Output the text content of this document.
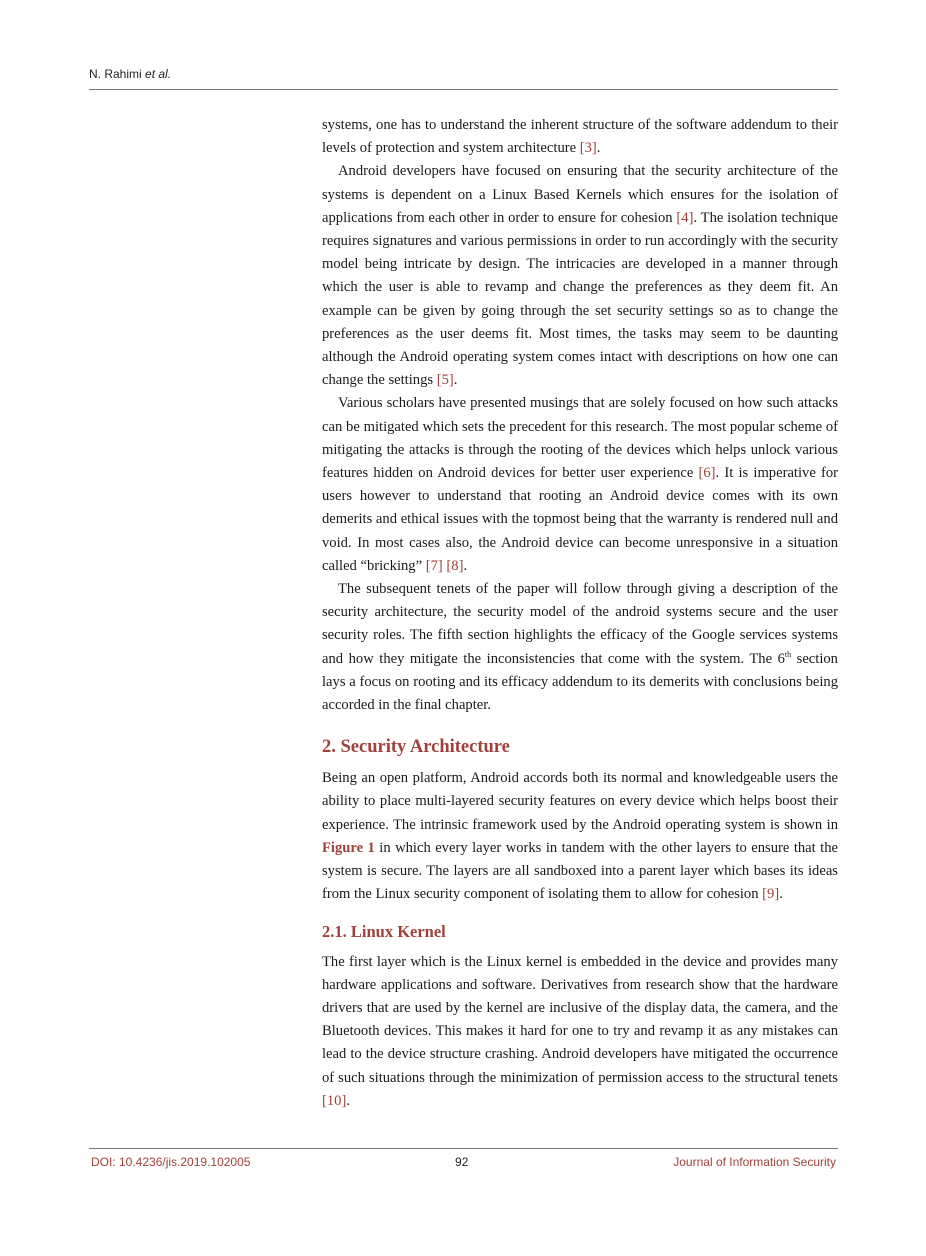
N. Rahimi et al.

systems, one has to understand the inherent structure of the software addendum to their levels of protection and system architecture [3].

Android developers have focused on ensuring that the security architecture of the systems is dependent on a Linux Based Kernels which ensures for the isolation of applications from each other in order to ensure for cohesion [4]. The isolation technique requires signatures and various permissions in order to run accordingly with the security model being intricate by design. The intricacies are developed in a manner through which the user is able to revamp and change the preferences as they deem fit. An example can be given by going through the set security settings so as to change the preferences as the user deems fit. Most times, the tasks may seem to be daunting although the Android operating system comes intact with descriptions on how one can change the settings [5].

Various scholars have presented musings that are solely focused on how such attacks can be mitigated which sets the precedent for this research. The most popular scheme of mitigating the attacks is through the rooting of the devices which helps unlock various features hidden on Android devices for better user experience [6]. It is imperative for users however to understand that rooting an Android device comes with its own demerits and ethical issues with the topmost being that the warranty is rendered null and void. In most cases also, the Android device can become unresponsive in a situation called “bricking” [7] [8].

The subsequent tenets of the paper will follow through giving a description of the security architecture, the security model of the android systems secure and the user security roles. The fifth section highlights the efficacy of the Google services systems and how they mitigate the inconsistencies that come with the system. The 6th section lays a focus on rooting and its efficacy addendum to its demerits with conclusions being accorded in the final chapter.

2. Security Architecture

Being an open platform, Android accords both its normal and knowledgeable users the ability to place multi-layered security features on every device which helps boost their experience. The intrinsic framework used by the Android operating system is shown in Figure 1 in which every layer works in tandem with the other layers to ensure that the system is secure. The layers are all sandboxed into a parent layer which bases its ideas from the Linux security component of isolating them to allow for cohesion [9].

2.1. Linux Kernel

The first layer which is the Linux kernel is embedded in the device and provides many hardware applications and software. Derivatives from research show that the hardware drivers that are used by the kernel are inclusive of the display data, the camera, and the Bluetooth devices. This makes it hard for one to try and revamp it as any mistakes can lead to the device structure crashing. Android developers have mitigated the occurrence of such situations through the minimization of permission access to the structural tenets [10].

DOI: 10.4236/jis.2019.102005	92	Journal of Information Security
